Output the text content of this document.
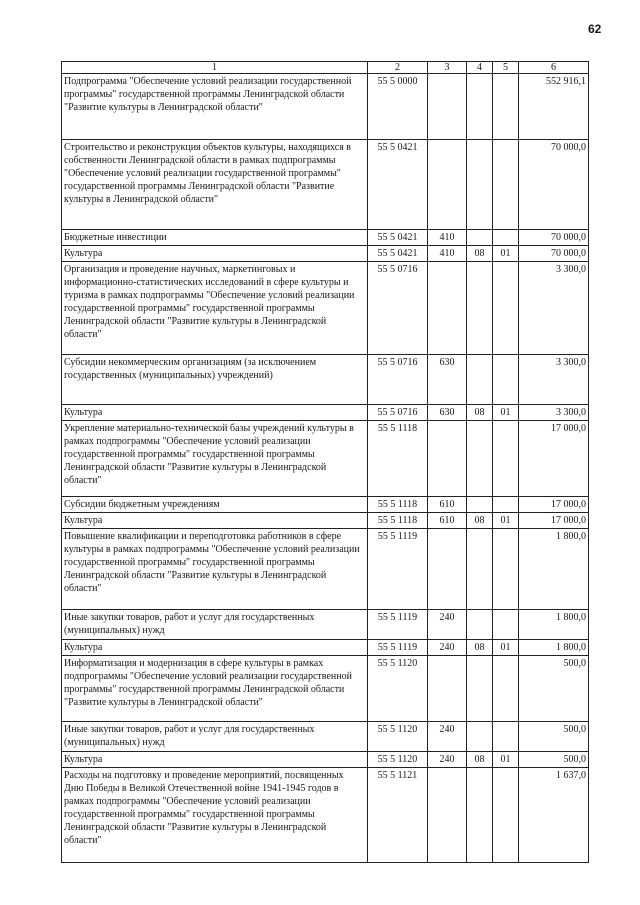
62
1	2	3	4	5	6
Подпрограмма "Обеспечение условий реализации государственной программы" государственной программы Ленинградской области "Развитие культуры в Ленинградской области"	55 5 0000				552 916,1
Строительство и реконструкция объектов культуры, находящихся в собственности Ленинградской области в рамках подпрограммы "Обеспечение условий реализации государственной программы" государственной программы Ленинградской области "Развитие культуры в Ленинградской области"	55 5 0421				70 000,0
Бюджетные инвестиции	55 5 0421	410			70 000,0
Культура	55 5 0421	410	08	01	70 000,0
Организация и проведение научных, маркетинговых и информационно-статистических исследований в сфере культуры и туризма в рамках подпрограммы "Обеспечение условий реализации государственной программы" государственной программы Ленинградской области "Развитие культуры в Ленинградской области"	55 5 0716				3 300,0
Субсидии некоммерческим организациям (за исключением государственных (муниципальных) учреждений)	55 5 0716	630			3 300,0
Культура	55 5 0716	630	08	01	3 300,0
Укрепление материально-технической базы учреждений культуры в рамках подпрограммы "Обеспечение условий реализации государственной программы" государственной программы Ленинградской области "Развитие культуры в Ленинградской области"	55 5 1118				17 000,0
Субсидии бюджетным учреждениям	55 5 1118	610			17 000,0
Культура	55 5 1118	610	08	01	17 000,0
Повышение квалификации и переподготовка работников в сфере культуры в рамках подпрограммы "Обеспечение условий реализации государственной программы" государственной программы Ленинградской области "Развитие культуры в Ленинградской области"	55 5 1119				1 800,0
Иные закупки товаров, работ и услуг для государственных (муниципальных) нужд	55 5 1119	240			1 800,0
Культура	55 5 1119	240	08	01	1 800,0
Информатизация и модернизация в сфере культуры в рамках подпрограммы "Обеспечение условий реализации государственной программы" государственной программы Ленинградской области "Развитие культуры в Ленинградской области"	55 5 1120				500,0
Иные закупки товаров, работ и услуг для государственных (муниципальных) нужд	55 5 1120	240			500,0
Культура	55 5 1120	240	08	01	500,0
Расходы на подготовку и проведение мероприятий, посвященных Дню Победы в Великой Отечественной войне 1941-1945 годов в рамках подпрограммы "Обеспечение условий реализации государственной программы" государственной программы Ленинградской области "Развитие культуры в Ленинградской области"	55 5 1121				1 637,0
